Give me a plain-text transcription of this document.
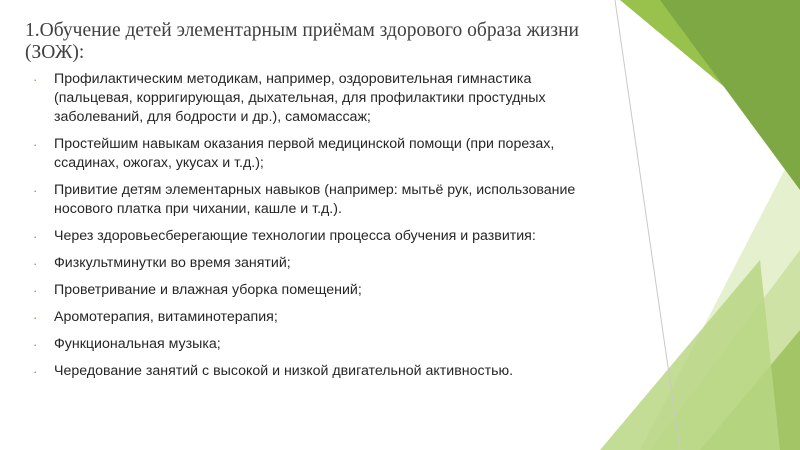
1.Обучение детей элементарным приёмам здорового образа жизни (ЗОЖ):
· Профилактическим методикам, например, оздоровительная гимнастика (пальцевая, корригирующая, дыхательная, для профилактики простудных заболеваний, для бодрости и др.), самомассаж;
· Простейшим навыкам оказания первой медицинской помощи (при порезах, ссадинах, ожогах, укусах и т.д.);
· Привитие детям элементарных навыков (например: мытьё рук, использование носового платка при чихании, кашле и т.д.).
· Через здоровьесберегающие технологии процесса обучения и развития:
· Физкультминутки во время занятий;
· Проветривание и влажная уборка помещений;
· Аромотерапия, витаминотерапия;
· Функциональная музыка;
· Чередование занятий с высокой и низкой двигательной активностью.
